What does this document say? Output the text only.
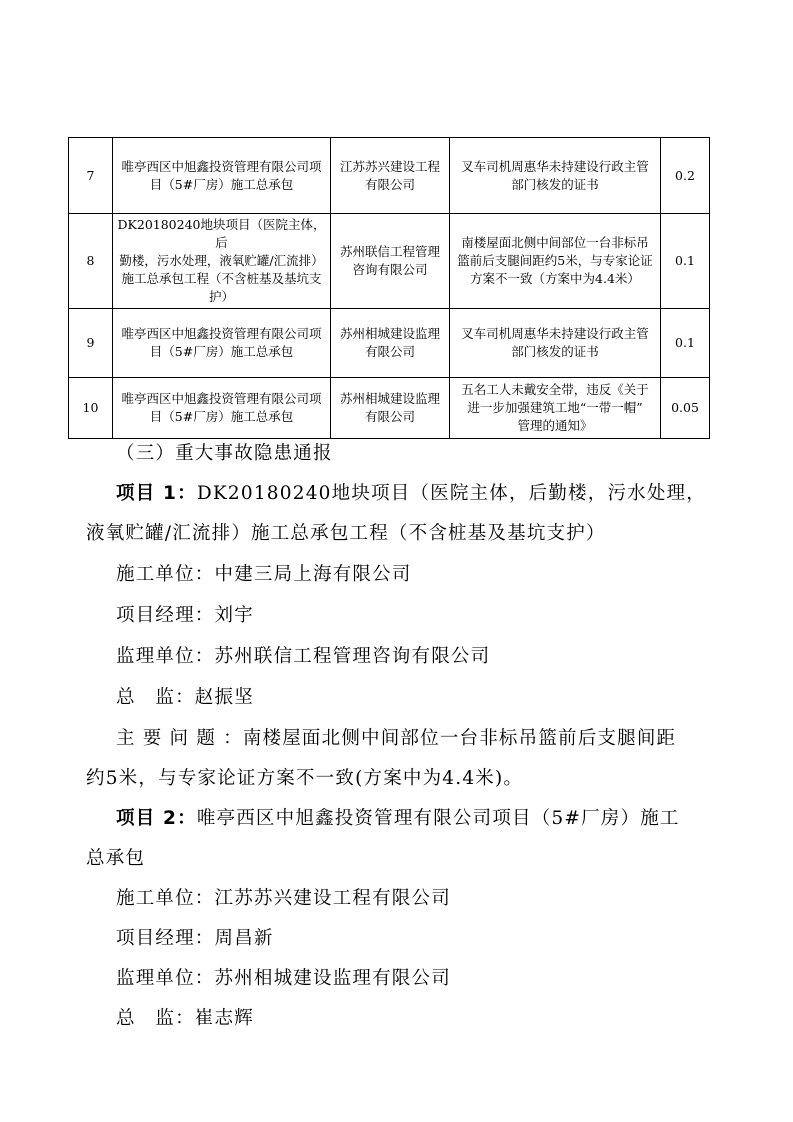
7	唯亭西区中旭鑫投资管理有限公司项
目（5#厂房）施工总承包	江苏苏兴建设工程
有限公司	叉车司机周惠华未持建设行政主管
部门核发的证书	0.2
8	DK20180240地块项目（医院主体，后
勤楼，污水处理，液氧贮罐/汇流排）
施工总承包工程（不含桩基及基坑支
护）	苏州联信工程管理
咨询有限公司	南楼屋面北侧中间部位一台非标吊
篮前后支腿间距约5米，与专家论证
方案不一致（方案中为4.4米）	0.1
9	唯亭西区中旭鑫投资管理有限公司项
目（5#厂房）施工总承包	苏州相城建设监理
有限公司	叉车司机周惠华未持建设行政主管
部门核发的证书	0.1
10	唯亭西区中旭鑫投资管理有限公司项
目（5#厂房）施工总承包	苏州相城建设监理
有限公司	五名工人未戴安全带，违反《关于
进一步加强建筑工地“一带一帽”
管理的通知》	0.05
（三）重大事故隐患通报
项目 1：DK20180240地块项目（医院主体，后勤楼，污水处理，
液氧贮罐/汇流排）施工总承包工程（不含桩基及基坑支护）
施工单位：中建三局上海有限公司
项目经理：刘宇
监理单位：苏州联信工程管理咨询有限公司
总　监：赵振坚
主 要 问 题 ：南楼屋面北侧中间部位一台非标吊篮前后支腿间距
约5米，与专家论证方案不一致(方案中为4.4米)。
项目 2：唯亭西区中旭鑫投资管理有限公司项目（5#厂房）施工
总承包
施工单位：江苏苏兴建设工程有限公司
项目经理：周昌新
监理单位：苏州相城建设监理有限公司
总　监：崔志辉
